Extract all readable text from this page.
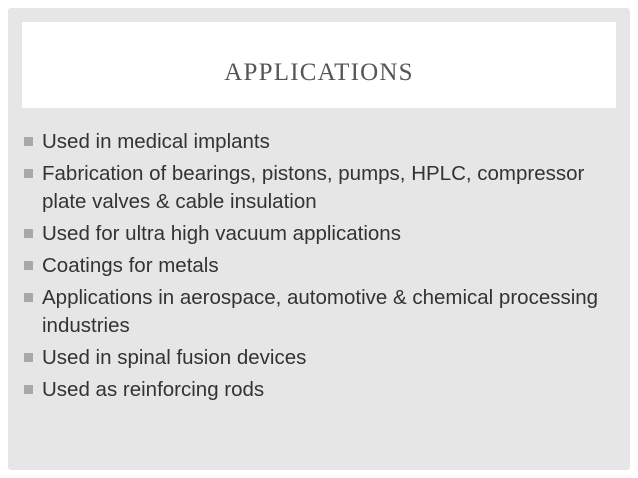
APPLICATIONS
Used in medical implants
Fabrication of bearings, pistons, pumps, HPLC, compressor plate valves & cable insulation
Used for ultra high vacuum applications
Coatings for metals
Applications in aerospace, automotive & chemical processing industries
Used in spinal fusion devices
Used as reinforcing rods
